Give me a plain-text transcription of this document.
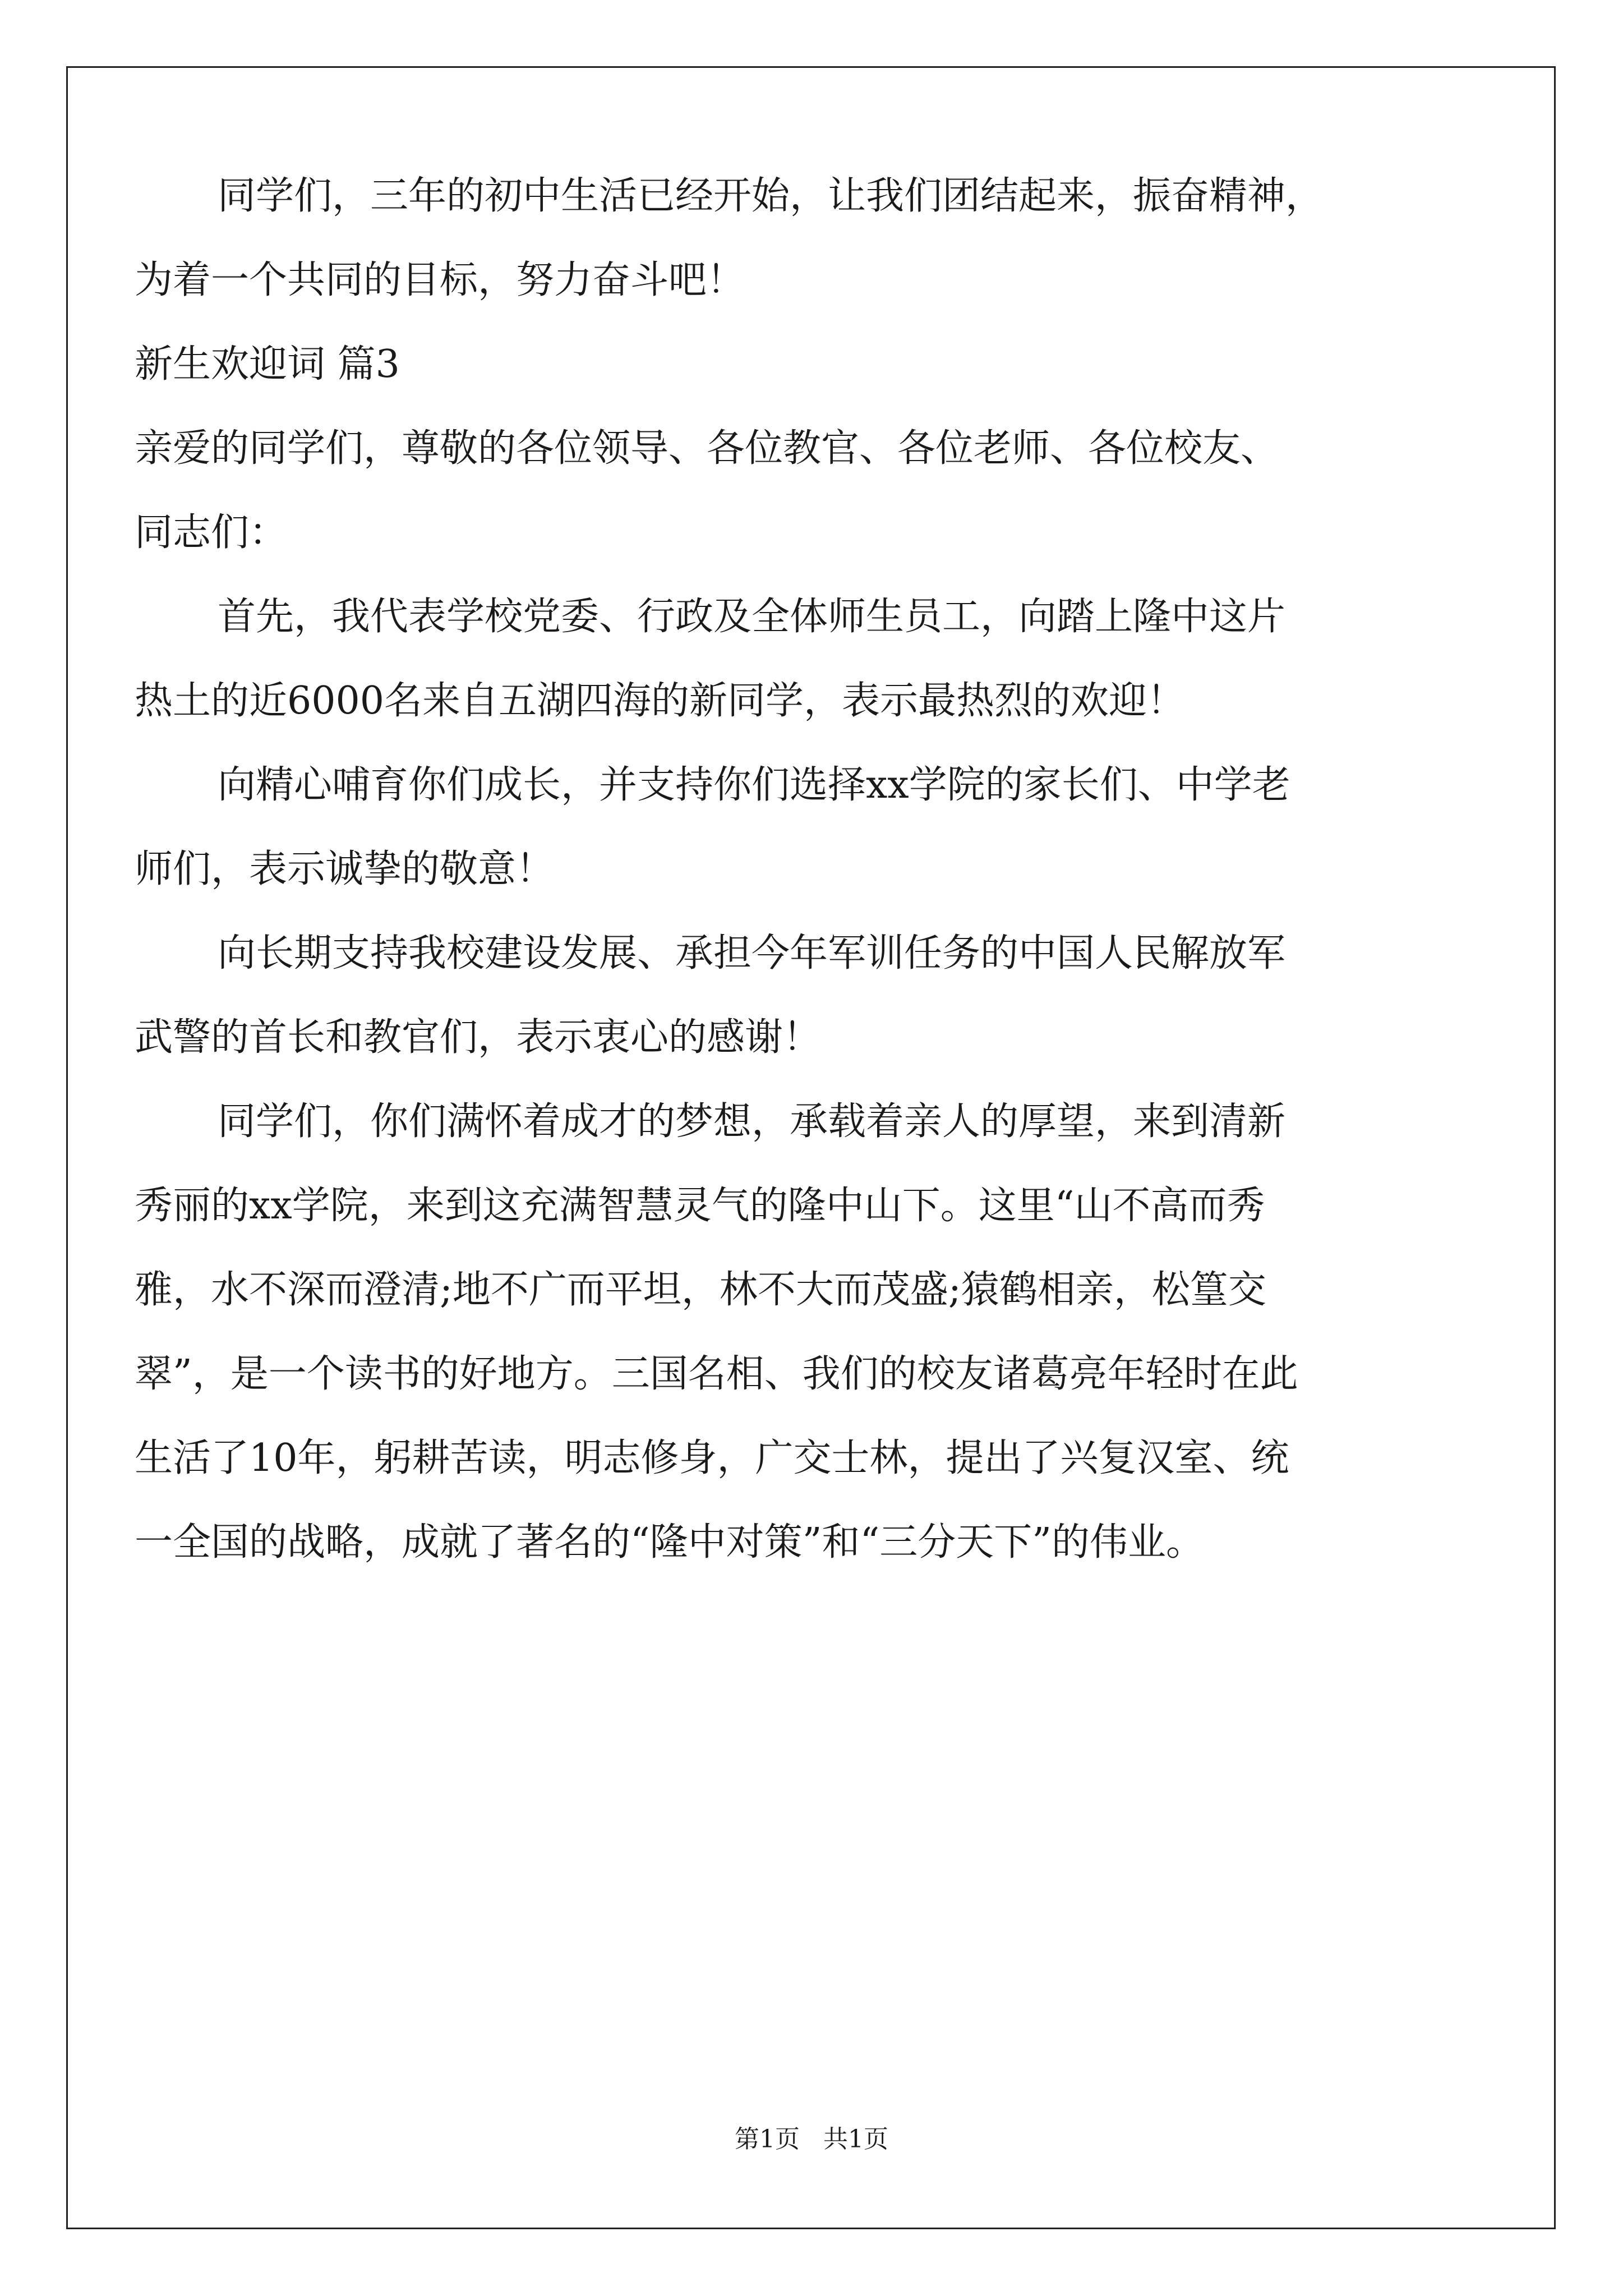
同学们，三年的初中生活已经开始，让我们团结起来，振奋精神，
为着一个共同的目标，努力奋斗吧！
新生欢迎词 篇3
亲爱的同学们，尊敬的各位领导、各位教官、各位老师、各位校友、
同志们：
首先，我代表学校党委、行政及全体师生员工，向踏上隆中这片
热土的近6000名来自五湖四海的新同学，表示最热烈的欢迎！
向精心哺育你们成长，并支持你们选择xx学院的家长们、中学老
师们，表示诚挚的敬意！
向长期支持我校建设发展、承担今年军训任务的中国人民解放军
武警的首长和教官们，表示衷心的感谢！
同学们，你们满怀着成才的梦想，承载着亲人的厚望，来到清新
秀丽的xx学院，来到这充满智慧灵气的隆中山下。这里“山不高而秀
雅，水不深而澄清;地不广而平坦，林不大而茂盛;猿鹤相亲，松篁交
翠”，是一个读书的好地方。三国名相、我们的校友诸葛亮年轻时在此
生活了10年，躬耕苦读，明志修身，广交士林，提出了兴复汉室、统
一全国的战略，成就了著名的“隆中对策”和“三分天下”的伟业。
第1页   共1页
